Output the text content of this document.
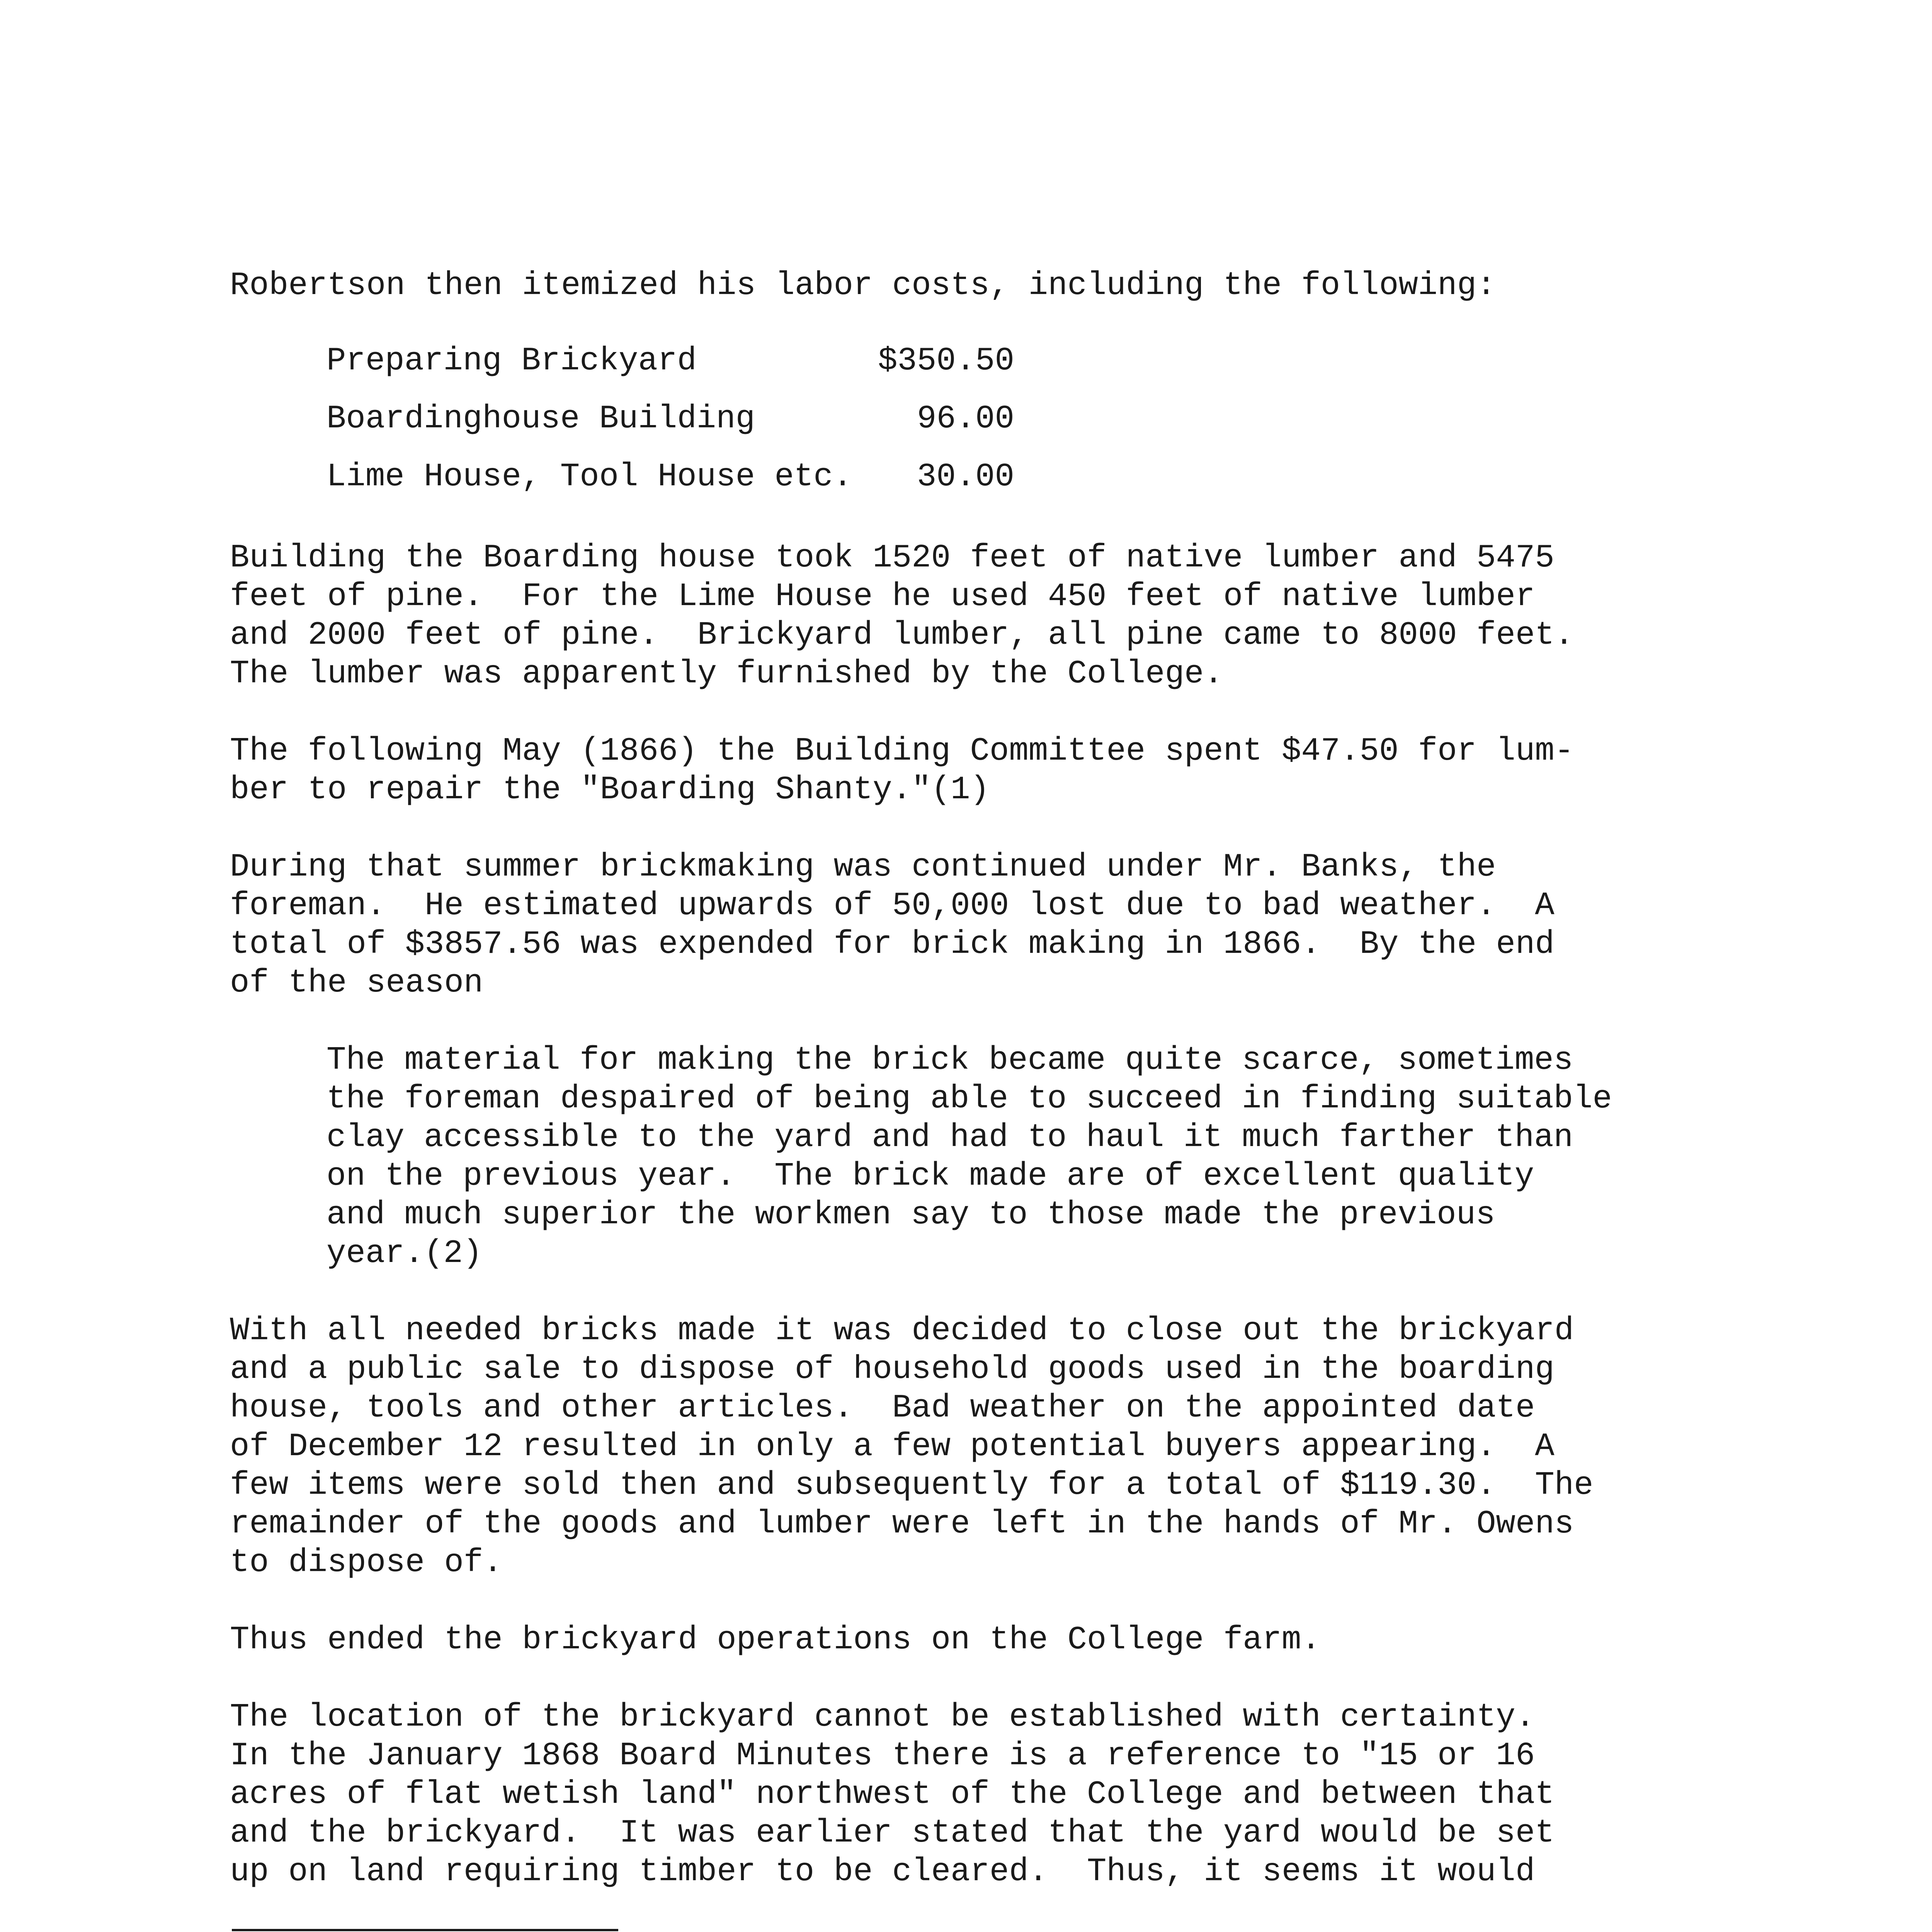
Robertson then itemized his labor costs, including the following:

Preparing Brickyard	$350.50
Boardinghouse Building	96.00
Lime House, Tool House etc.	30.00

Building the Boarding house took 1520 feet of native lumber and 5475
feet of pine.  For the Lime House he used 450 feet of native lumber
and 2000 feet of pine.  Brickyard lumber, all pine came to 8000 feet.
The lumber was apparently furnished by the College.

The following May (1866) the Building Committee spent $47.50 for lum-
ber to repair the "Boarding Shanty."(1)

During that summer brickmaking was continued under Mr. Banks, the
foreman.  He estimated upwards of 50,000 lost due to bad weather.  A
total of $3857.56 was expended for brick making in 1866.  By the end
of the season

The material for making the brick became quite scarce, sometimes
the foreman despaired of being able to succeed in finding suitable
clay accessible to the yard and had to haul it much farther than
on the previous year.  The brick made are of excellent quality
and much superior the workmen say to those made the previous
year.(2)

With all needed bricks made it was decided to close out the brickyard
and a public sale to dispose of household goods used in the boarding
house, tools and other articles.  Bad weather on the appointed date
of December 12 resulted in only a few potential buyers appearing.  A
few items were sold then and subsequently for a total of $119.30.  The
remainder of the goods and lumber were left in the hands of Mr. Owens
to dispose of.

Thus ended the brickyard operations on the College farm.

The location of the brickyard cannot be established with certainty.
In the January 1868 Board Minutes there is a reference to "15 or 16
acres of flat wetish land" northwest of the College and between that
and the brickyard.  It was earlier stated that the yard would be set
up on land requiring timber to be cleared.  Thus, it seems it would
